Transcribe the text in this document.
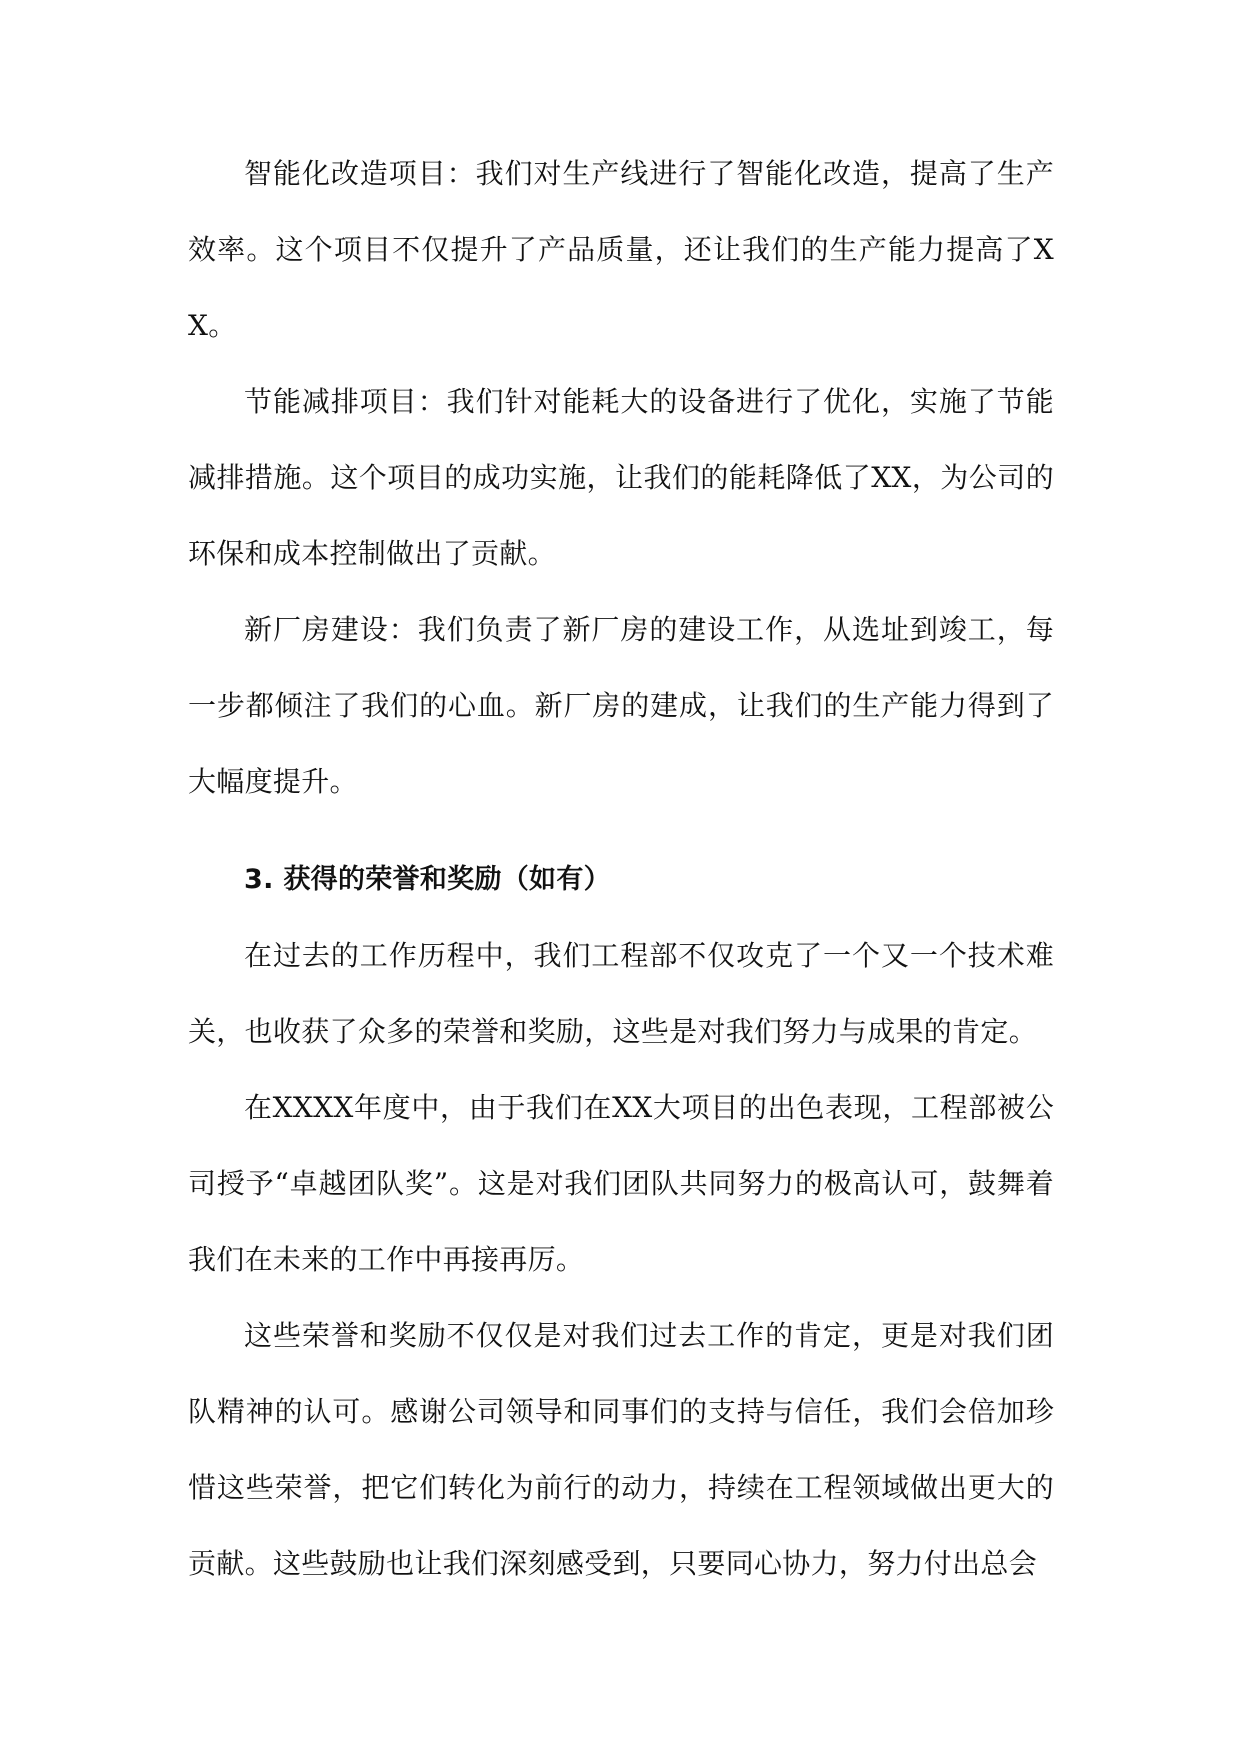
智能化改造项目：我们对生产线进行了智能化改造，提高了生产效率。这个项目不仅提升了产品质量，还让我们的生产能力提高了XX。

节能减排项目：我们针对能耗大的设备进行了优化，实施了节能减排措施。这个项目的成功实施，让我们的能耗降低了XX，为公司的环保和成本控制做出了贡献。

新厂房建设：我们负责了新厂房的建设工作，从选址到竣工，每一步都倾注了我们的心血。新厂房的建成，让我们的生产能力得到了大幅度提升。

3. 获得的荣誉和奖励（如有）

在过去的工作历程中，我们工程部不仅攻克了一个又一个技术难关，也收获了众多的荣誉和奖励，这些是对我们努力与成果的肯定。

在XXXX年度中，由于我们在XX大项目的出色表现，工程部被公司授予“卓越团队奖”。这是对我们团队共同努力的极高认可，鼓舞着我们在未来的工作中再接再厉。

这些荣誉和奖励不仅仅是对我们过去工作的肯定，更是对我们团队精神的认可。感谢公司领导和同事们的支持与信任，我们会倍加珍惜这些荣誉，把它们转化为前行的动力，持续在工程领域做出更大的贡献。这些鼓励也让我们深刻感受到，只要同心协力，努力付出总会
